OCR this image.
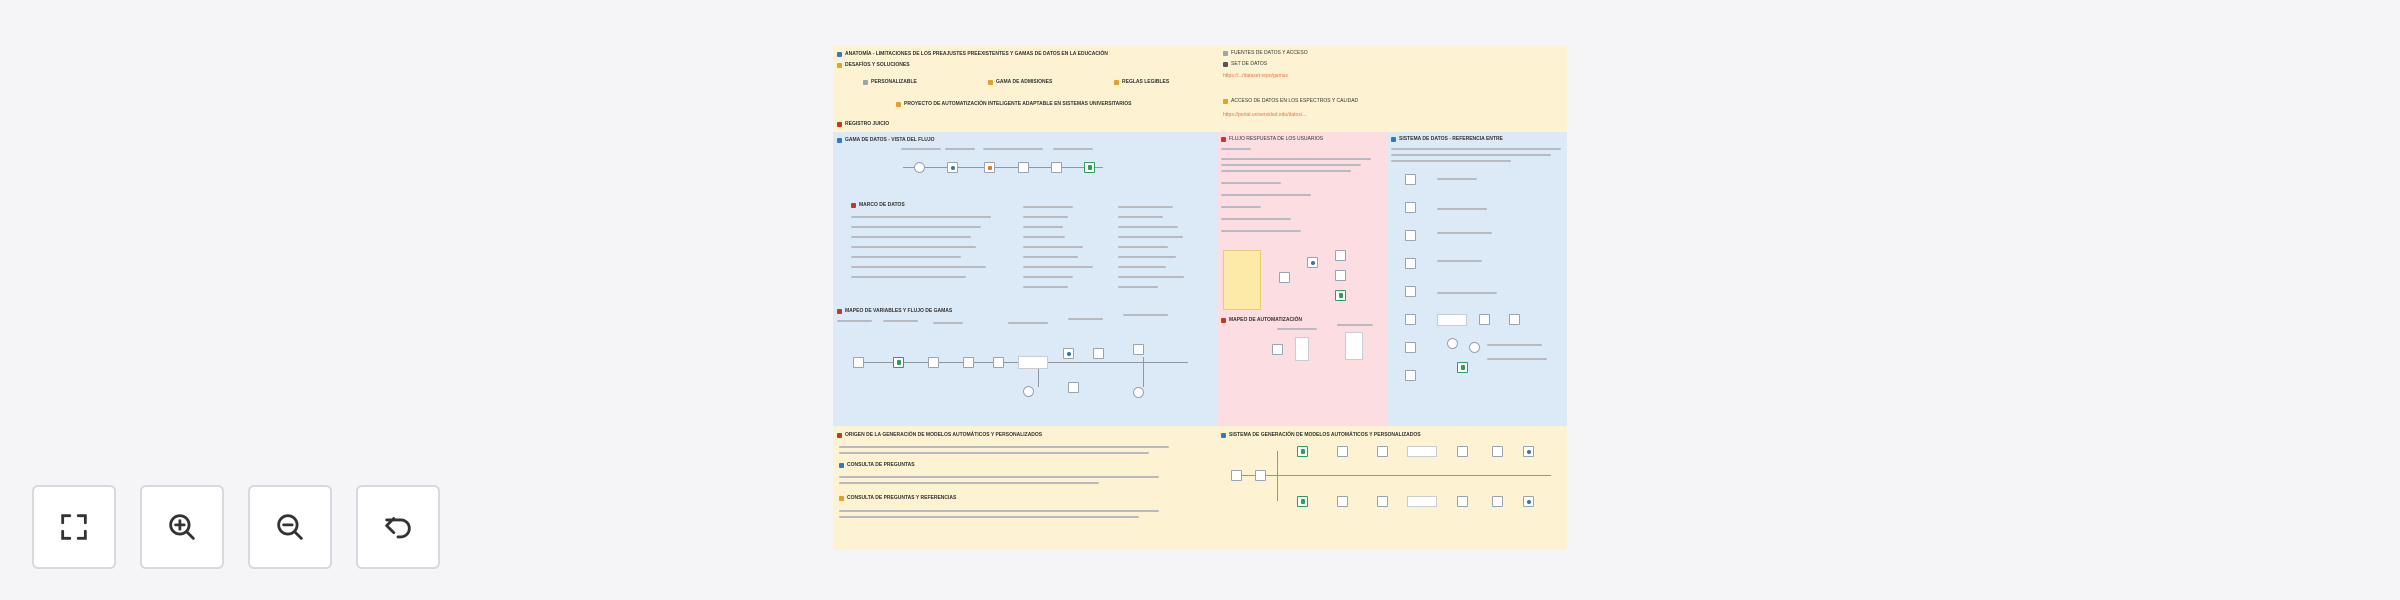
ANATOMÍA - LIMITACIONES DE LOS PREAJUSTES PREEXISTENTES Y GAMAS DE DATOS EN LA EDUCACIÓN
DESAFÍOS Y SOLUCIONES
PERSONALIZABLE	GAMA DE ADMISIONES	REGLAS LEGIBLES
PROYECTO DE AUTOMATIZACIÓN INTELIGENTE ADAPTABLE EN SISTEMAS UNIVERSITARIOS
REGISTRO JUICIO
FUENTES DE DATOS Y ACCESO
SET DE DATOS
https://.../dataset-repo/gamas
ACCESO DE DATOS EN LOS ESPECTROS Y CALIDAD
https://portal.universidad.edu/datos/...
GAMA DE DATOS - VISTA DEL FLUJO
MARCO DE DATOS
MAPEO DE VARIABLES Y FLUJO DE GAMAS
FLUJO RESPUESTA DE LOS USUARIOS
MAPEO DE AUTOMATIZACIÓN
SISTEMA DE DATOS - REFERENCIA ENTRE
ORIGEN DE LA GENERACIÓN DE MODELOS AUTOMÁTICOS Y PERSONALIZADOS
CONSULTA DE PREGUNTAS
CONSULTA DE PREGUNTAS Y REFERENCIAS
SISTEMA DE GENERACIÓN DE MODELOS AUTOMÁTICOS Y PERSONALIZADOS
